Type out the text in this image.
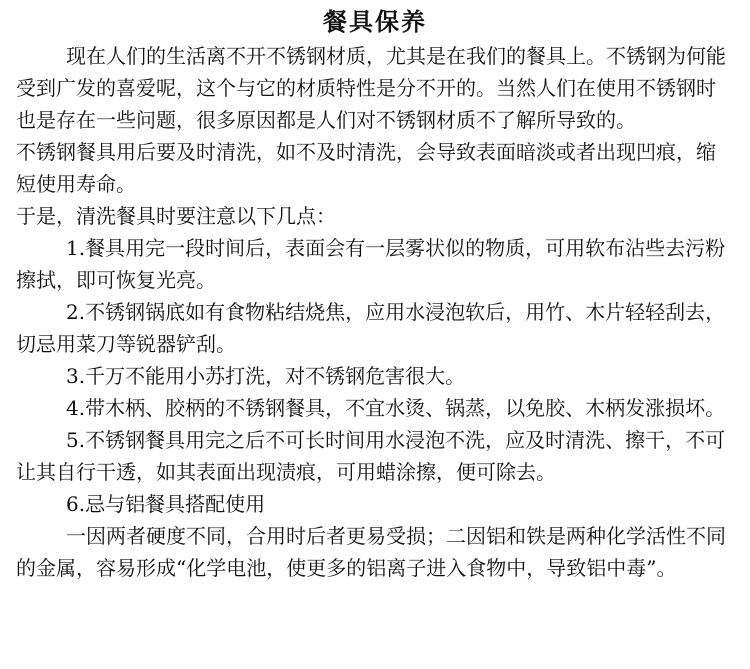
餐具保养

现在人们的生活离不开不锈钢材质，尤其是在我们的餐具上。不锈钢为何能受到广发的喜爱呢，这个与它的材质特性是分不开的。当然人们在使用不锈钢时也是存在一些问题，很多原因都是人们对不锈钢材质不了解所导致的。

不锈钢餐具用后要及时清洗，如不及时清洗，会导致表面暗淡或者出现凹痕，缩短使用寿命。

于是，清洗餐具时要注意以下几点：

1.餐具用完一段时间后，表面会有一层雾状似的物质，可用软布沾些去污粉擦拭，即可恢复光亮。

2.不锈钢锅底如有食物粘结烧焦，应用水浸泡软后，用竹、木片轻轻刮去，切忌用菜刀等锐器铲刮。

3.千万不能用小苏打洗，对不锈钢危害很大。

4.带木柄、胶柄的不锈钢餐具，不宜水烫、锅蒸，以免胶、木柄发涨损坏。

5.不锈钢餐具用完之后不可长时间用水浸泡不洗，应及时清洗、擦干，不可让其自行干透，如其表面出现渍痕，可用蜡涂擦，便可除去。

6.忌与铝餐具搭配使用

一因两者硬度不同，合用时后者更易受损；二因铝和铁是两种化学活性不同的金属，容易形成“化学电池，使更多的铝离子进入食物中，导致铝中毒”。
